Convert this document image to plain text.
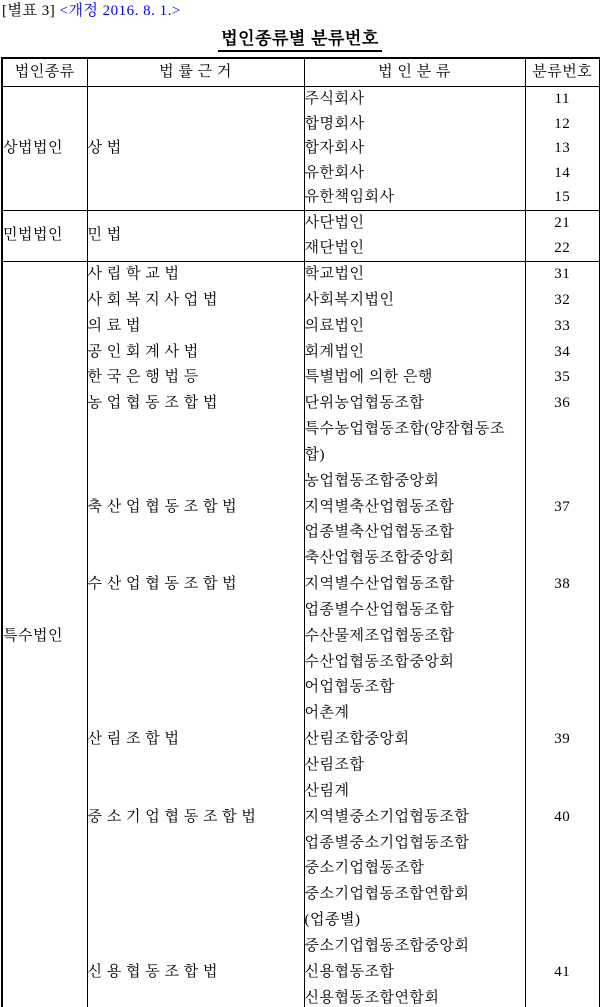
[별표 3] <개정 2016. 8. 1.>
법인종류별 분류번호
법인종류	법 률 근 거	법 인 분 류	분류번호
상법법인	상 법	주식회사	11
		합명회사	12
		합자회사	13
		유한회사	14
		유한책임회사	15
민법법인	민 법	사단법인	21
		재단법인	22
특수법인	사 립 학 교 법	학교법인	31
	사 회 복 지 사 업 법	사회복지법인	32
	의 료 법	의료법인	33
	공 인 회 계 사 법	회계법인	34
	한 국 은 행 법 등	특별법에 의한 은행	35
	농 업 협 동 조 합 법	단위농업협동조합	36
		특수농업협동조합(양잠협동조	
		합)	
		농업협동조합중앙회	
	축 산 업 협 동 조 합 법	지역별축산업협동조합	37
		업종별축산업협동조합	
		축산업협동조합중앙회	
	수 산 업 협 동 조 합 법	지역별수산업협동조합	38
		업종별수산업협동조합	
		수산물제조업협동조합	
		수산업협동조합중앙회	
		어업협동조합	
		어촌계	
	산 림 조 합 법	산림조합중앙회	39
		산림조합	
		산림계	
	중 소 기 업 협 동 조 합 법	지역별중소기업협동조합	40
		업종별중소기업협동조합	
		중소기업협동조합	
		중소기업협동조합연합회	
		(업종별)	
		중소기업협동조합중앙회	
	신 용 협 동 조 합 법	신용협동조합	41
		신용협동조합연합회	
